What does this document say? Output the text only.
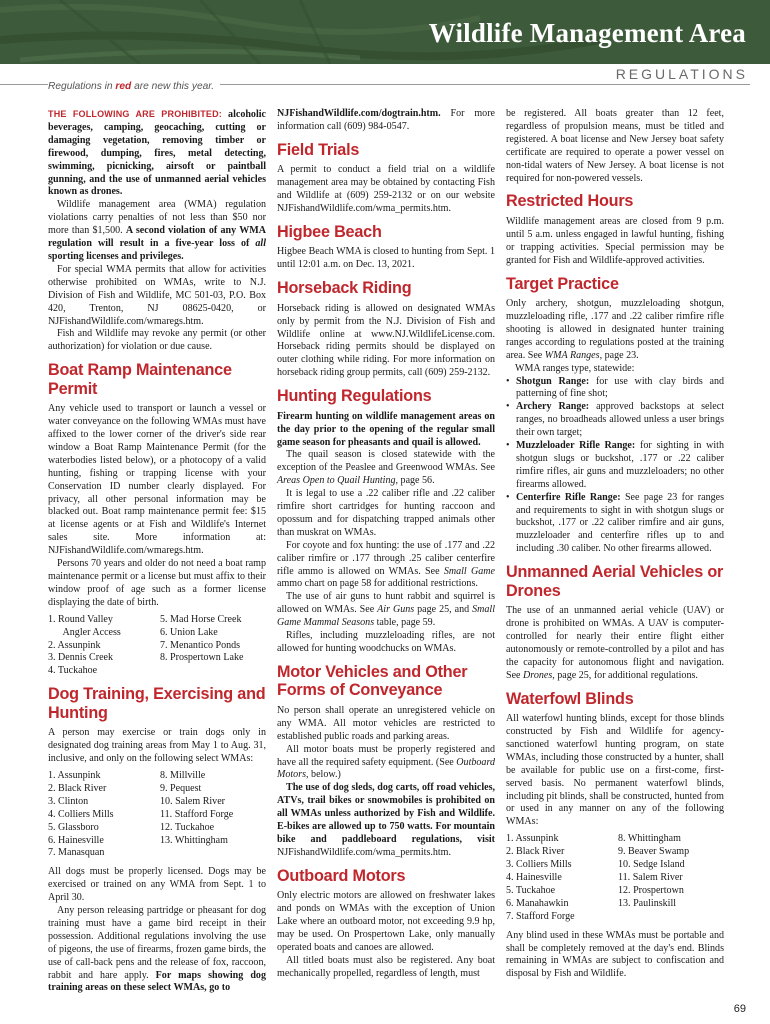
Wildlife Management Area
REGULATIONS
Regulations in red are new this year.

THE FOLLOWING ARE PROHIBITED: alcoholic beverages, camping, geocaching, cutting or damaging vegetation, removing timber or firewood, dumping, fires, metal detecting, swimming, picnicking, airsoft or paintball gunning, and the use of unmanned aerial vehicles known as drones.

Wildlife management area (WMA) regulation violations carry penalties of not less than $50 nor more than $1,500. A second violation of any WMA regulation will result in a five-year loss of all sporting licenses and privileges.

For special WMA permits that allow for activities otherwise prohibited on WMAs, write to N.J. Division of Fish and Wildlife, MC 501-03, P.O. Box 420, Trenton, NJ 08625-0420, or NJFishandWildlife.com/wmaregs.htm.

Fish and Wildlife may revoke any permit (or other authorization) for violation or due cause.

Boat Ramp Maintenance Permit

Any vehicle used to transport or launch a vessel or water conveyance on the following WMAs must have affixed to the lower corner of the driver's side rear window a Boat Ramp Maintenance Permit (for the waterbodies listed below), or a photocopy of a valid hunting, fishing or trapping license with your Conservation ID number clearly displayed. For privacy, all other personal information may be blacked out. Boat ramp maintenance permit fee: $15 at license agents or at Fish and Wildlife's Internet sales site. More information at: NJFishandWildlife.com/wmaregs.htm.

Persons 70 years and older do not need a boat ramp maintenance permit or a license but must affix to their window proof of age such as a former license displaying the date of birth.

1. Round Valley
Angler Access
2. Assunpink
3. Dennis Creek
4. Tuckahoe
5. Mad Horse Creek
6. Union Lake
7. Menantico Ponds
8. Prospertown Lake
Dog Training, Exercising and Hunting

A person may exercise or train dogs only in designated dog training areas from May 1 to Aug. 31, inclusive, and only on the following select WMAs:

1. Assunpink
2. Black River
3. Clinton
4. Colliers Mills
5. Glassboro
6. Hainesville
7. Manasquan
8. Millville
9. Pequest
10. Salem River
11. Stafford Forge
12. Tuckahoe
13. Whittingham

All dogs must be properly licensed. Dogs may be exercised or trained on any WMA from Sept. 1 to April 30.

Any person releasing partridge or pheasant for dog training must have a game bird receipt in their possession. Additional regulations involving the use of pigeons, the use of firearms, frozen game birds, the use of call-back pens and the release of fox, raccoon, rabbit and hare apply. For maps showing dog training areas on these select WMAs, go to

NJFishandWildlife.com/dogtrain.htm. For more information call (609) 984-0547.

Field Trials

A permit to conduct a field trial on a wildlife management area may be obtained by contacting Fish and Wildlife at (609) 259-2132 or on our website NJFishandWildlife.com/wma_permits.htm.

Higbee Beach

Higbee Beach WMA is closed to hunting from Sept. 1 until 12:01 a.m. on Dec. 13, 2021.

Horseback Riding

Horseback riding is allowed on designated WMAs only by permit from the N.J. Division of Fish and Wildlife online at www.NJ.WildlifeLicense.com. Horseback riding permits should be displayed on outer clothing while riding. For more information on horseback riding group permits, call (609) 259-2132.

Hunting Regulations

Firearm hunting on wildlife management areas on the day prior to the opening of the regular small game season for pheasants and quail is allowed.

The quail season is closed statewide with the exception of the Peaslee and Greenwood WMAs. See Areas Open to Quail Hunting, page 56.

It is legal to use a .22 caliber rifle and .22 caliber rimfire short cartridges for hunting raccoon and opossum and for dispatching trapped animals other than muskrat on WMAs.

For coyote and fox hunting: the use of .177 and .22 caliber rimfire or .177 through .25 caliber centerfire rifle ammo is allowed on WMAs. See Small Game ammo chart on page 58 for additional restrictions.

The use of air guns to hunt rabbit and squirrel is allowed on WMAs. See Air Guns page 25, and Small Game Mammal Seasons table, page 59.

Rifles, including muzzleloading rifles, are not allowed for hunting woodchucks on WMAs.

Motor Vehicles and Other Forms of Conveyance

No person shall operate an unregistered vehicle on any WMA. All motor vehicles are restricted to established public roads and parking areas.

All motor boats must be properly registered and have all the required safety equipment. (See Outboard Motors, below.)

The use of dog sleds, dog carts, off road vehicles, ATVs, trail bikes or snowmobiles is prohibited on all WMAs unless authorized by Fish and Wildlife. E-bikes are allowed up to 750 watts. For mountain bike and paddleboard regulations, visit NJFishandWildlife.com/wma_permits.htm.

Outboard Motors

Only electric motors are allowed on freshwater lakes and ponds on WMAs with the exception of Union Lake where an outboard motor, not exceeding 9.9 hp, may be used. On Prospertown Lake, only manually operated boats and canoes are allowed.

All titled boats must also be registered. Any boat mechanically propelled, regardless of length, must

be registered. All boats greater than 12 feet, regardless of propulsion means, must be titled and registered. A boat license and New Jersey boat safety certificate are required to operate a power vessel on non-tidal waters of New Jersey. A boat license is not required for non-powered vessels.

Restricted Hours

Wildlife management areas are closed from 9 p.m. until 5 a.m. unless engaged in lawful hunting, fishing or trapping activities. Special permission may be granted for Fish and Wildlife-approved activities.

Target Practice

Only archery, shotgun, muzzleloading shotgun, muzzleloading rifle, .177 and .22 caliber rimfire rifle shooting is allowed in designated hunter training ranges according to regulations posted at the training area. See WMA Ranges, page 23.

WMA ranges type, statewide:

• Shotgun Range: for use with clay birds and patterning of fine shot;
• Archery Range: approved backstops at select ranges, no broadheads allowed unless a user brings their own target;
• Muzzleloader Rifle Range: for sighting in with shotgun slugs or buckshot, .177 or .22 caliber rimfire rifles, air guns and muzzleloaders; no other firearms allowed.
• Centerfire Rifle Range: See page 23 for ranges and requirements to sight in with shotgun slugs or buckshot, .177 or .22 caliber rimfire and air guns, muzzleloader and centerfire rifles up to and including .30 caliber. No other firearms allowed.
Unmanned Aerial Vehicles or Drones

The use of an unmanned aerial vehicle (UAV) or drone is prohibited on WMAs. A UAV is computer-controlled for nearly their entire flight either autonomously or remote-controlled by a pilot and has the capacity for autonomous flight and navigation. See Drones, page 25, for additional regulations.

Waterfowl Blinds

All waterfowl hunting blinds, except for those blinds constructed by Fish and Wildlife for agency-sanctioned waterfowl hunting program, on state WMAs, including those constructed by a hunter, shall be available for public use on a first-come, first-served basis. No permanent waterfowl blinds, including pit blinds, shall be constructed, hunted from or used in any manner on any of the following WMAs:

1. Assunpink
2. Black River
3. Colliers Mills
4. Hainesville
5. Tuckahoe
6. Manahawkin
7. Stafford Forge
8. Whittingham
9. Beaver Swamp
10. Sedge Island
11. Salem River
12. Prospertown
13. Paulinskill

Any blind used in these WMAs must be portable and shall be completely removed at the day's end. Blinds remaining in WMAs are subject to confiscation and disposal by Fish and Wildlife.

69
